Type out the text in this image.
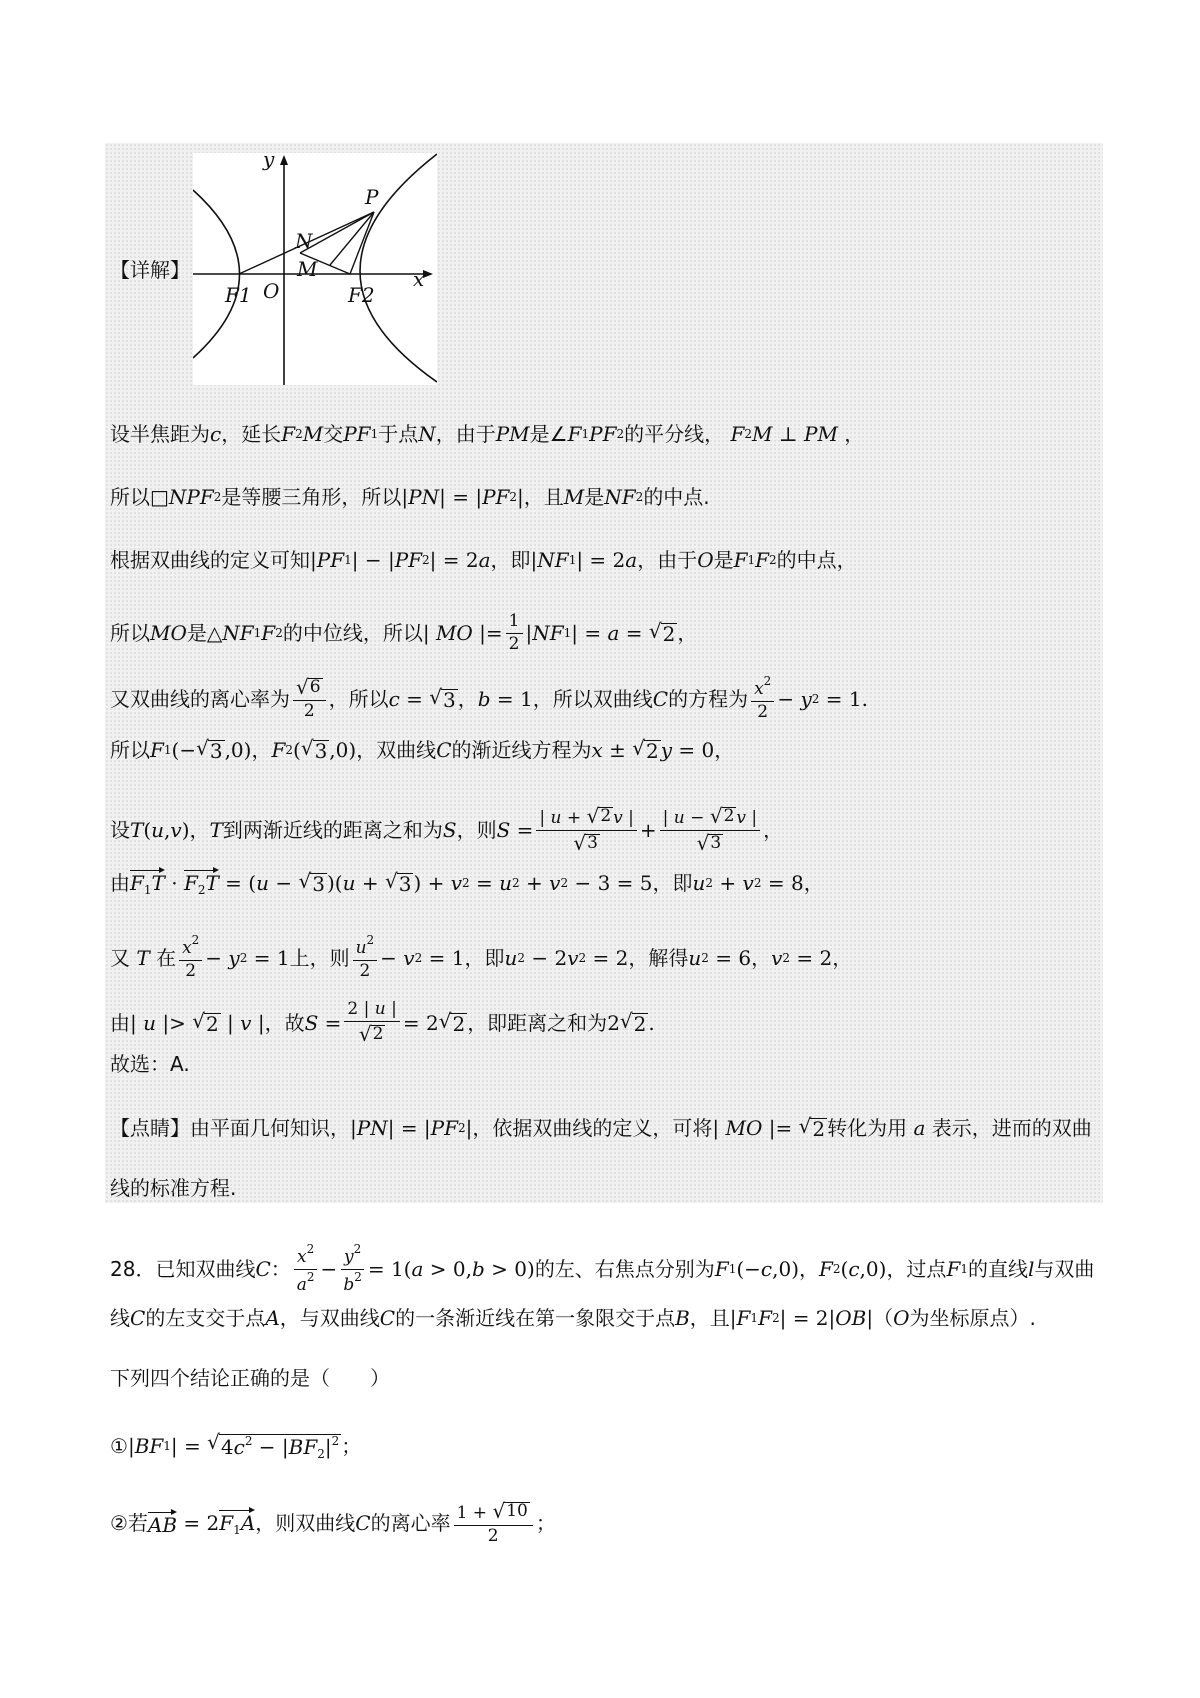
【详解】
y
x
P
N
M
O
F1	F2
设半焦距为 c ，延长 F 2 M 交 PF 1 于点 N ，由于 PM 是∠ F 1 PF 2 的平分线，
F 2 M
⊥
PM
，
所以□ NPF 2 是等腰三角形，所以 | PN | = | PF 2 | ，且 M 是 NF 2 的中点.
根据双曲线的定义可知 | PF 1 | − | PF 2 | = 2 a ，即 | NF 1 | = 2 a ，由于 O 是 F 1 F 2 的中点，
所以 MO 是△ NF 1 F 2 的中位线，所以 | MO |= $\frac{1}{2}$ | NF 1 | = a = √ 2 ，
又双曲线的离心率为 $\frac{√ 6}{2}$ ，所以 c = √ 3 ， b = 1 ，所以双曲线 C 的方程为 $\frac{x^2}{2} - y$ 2 = 1 .
所以 F 1 (− √ 3 ,0) ， F 2 ( √ 3 ,0) ，双曲线 C 的渐近线方程为 x ± √ 2 y = 0 ，
设 T ( u , v ) ， T 到两渐近线的距离之和为 S ，则 $S = \frac{| u + √ 2 v |}{√ 3} + \frac{| u - √ 2 v |}{√ 3}$ ，
由 $F_1T \cdot F_2T$ = ( u − √ 3 )( u + √ 3 ) + v 2 = u 2 + v 2 − 3 = 5 ，即 u 2 + v 2 = 8 ，
又
T
在 $\frac{x^2}{2} - y$ 2 = 1 上，则 $\frac{u^2}{2} - v$ 2 = 1 ，即 u 2 − 2 v 2 = 2 ，解得 u 2 = 6 ， v 2 = 2 ，
由 | u |> √ 2 | v | ，故 $S = \frac{2 | u |}{√ 2} = 2$ √ 2 ，即距离之和为 2 √ 2 .
故选：A.
【点睛】由平面几何知识， | PN | = | PF 2 | ，依据双曲线的定义，可将 | MO |= √ 2 转化为用
a
表示，进而的双曲
线的标准方程.
28．已知双曲线 C ： $\frac{x^2}{a^2} - \frac{y^2}{b^2} = 1$( a > 0, b > 0) 的左、右焦点分别为 F 1 (− c ,0) ， F 2 ( c ,0) ，过点 F 1 的直线 l 与双曲
线 C 的左支交于点 A ，与双曲线 C 的一条渐近线在第一象限交于点 B ，且 | F 1 F 2 | = 2| OB | （ O 为坐标原点）.
下列四个结论正确的是（　　）
① | BF 1 | = √ $4c^2 - |BF_2|^2$ ；
②若 AB = 2 $F_1A$ ，则双曲线 C 的离心率 $\frac{1 + √ 10}{2}$ ；
